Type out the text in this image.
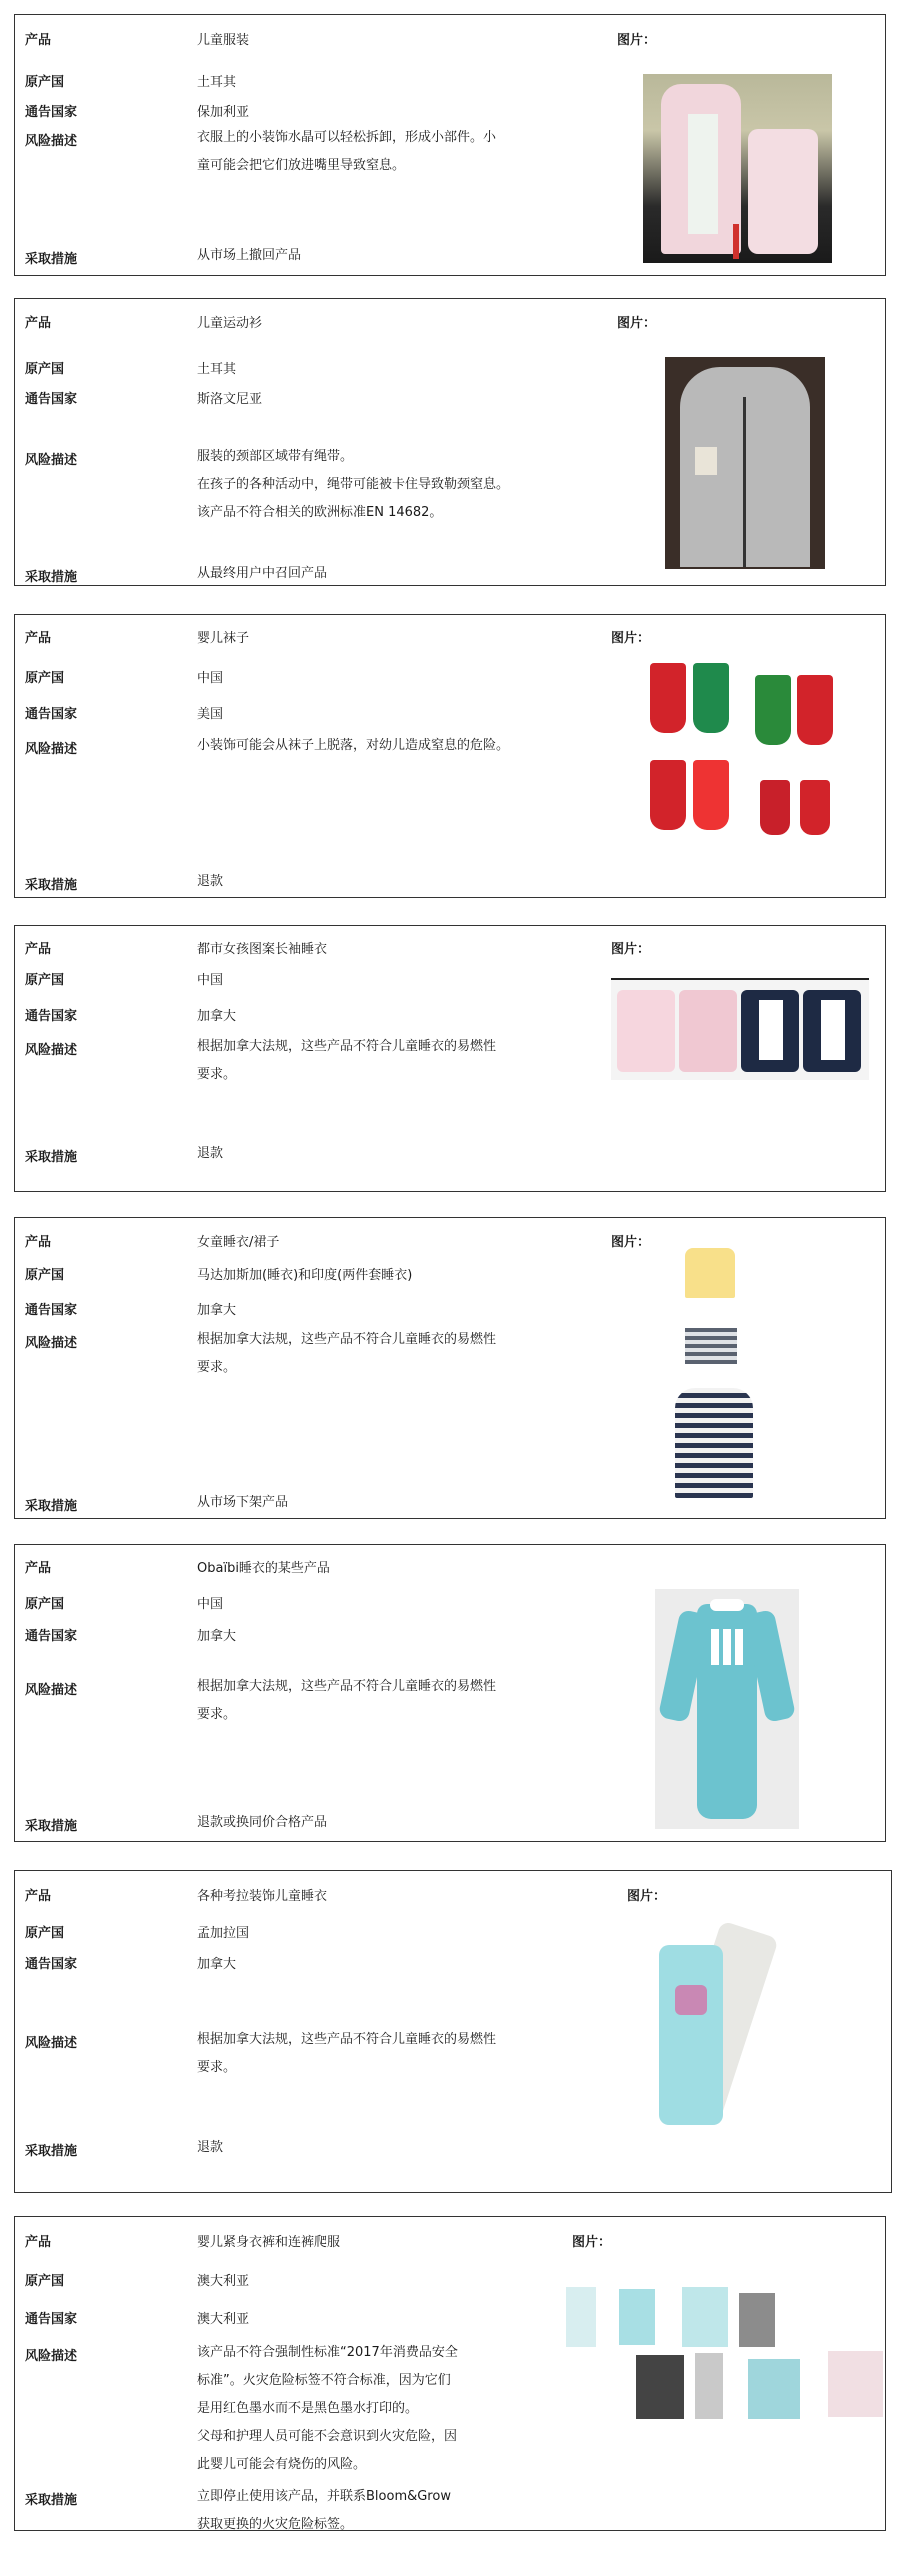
产品	儿童服装	图片：
原产国	土耳其
通告国家	保加利亚
风险描述	衣服上的小装饰水晶可以轻松拆卸，形成小部件。小
童可能会把它们放进嘴里导致窒息。
采取措施	从市场上撤回产品
产品	儿童运动衫	图片：
原产国	土耳其
通告国家	斯洛文尼亚
风险描述	服装的颈部区域带有绳带。
在孩子的各种活动中，绳带可能被卡住导致勒颈窒息。
该产品不符合相关的欧洲标准EN 14682。
采取措施	从最终用户中召回产品
产品	婴儿袜子	图片：
原产国	中国
通告国家	美国
风险描述	小装饰可能会从袜子上脱落，对幼儿造成窒息的危险。
采取措施	退款
产品	都市女孩图案长袖睡衣	图片：
原产国	中国
通告国家	加拿大
风险描述	根据加拿大法规，这些产品不符合儿童睡衣的易燃性
要求。
采取措施	退款
产品	女童睡衣/裙子	图片：
原产国	马达加斯加(睡衣)和印度(两件套睡衣)
通告国家	加拿大
风险描述	根据加拿大法规，这些产品不符合儿童睡衣的易燃性
要求。
采取措施	从市场下架产品
产品	Obaïbi睡衣的某些产品
原产国	中国
通告国家	加拿大
风险描述	根据加拿大法规，这些产品不符合儿童睡衣的易燃性
要求。
采取措施	退款或换同价合格产品
产品	各种考拉装饰儿童睡衣	图片：
原产国	孟加拉国
通告国家	加拿大
风险描述	根据加拿大法规，这些产品不符合儿童睡衣的易燃性
要求。
采取措施	退款
产品	婴儿紧身衣裤和连裤爬服	图片：
原产国	澳大利亚
通告国家	澳大利亚
风险描述	该产品不符合强制性标准“2017年消费品安全
标准”。火灾危险标签不符合标准，因为它们
是用红色墨水而不是黑色墨水打印的。
父母和护理人员可能不会意识到火灾危险，因
此婴儿可能会有烧伤的风险。
采取措施	立即停止使用该产品，并联系Bloom&Grow
获取更换的火灾危险标签。
